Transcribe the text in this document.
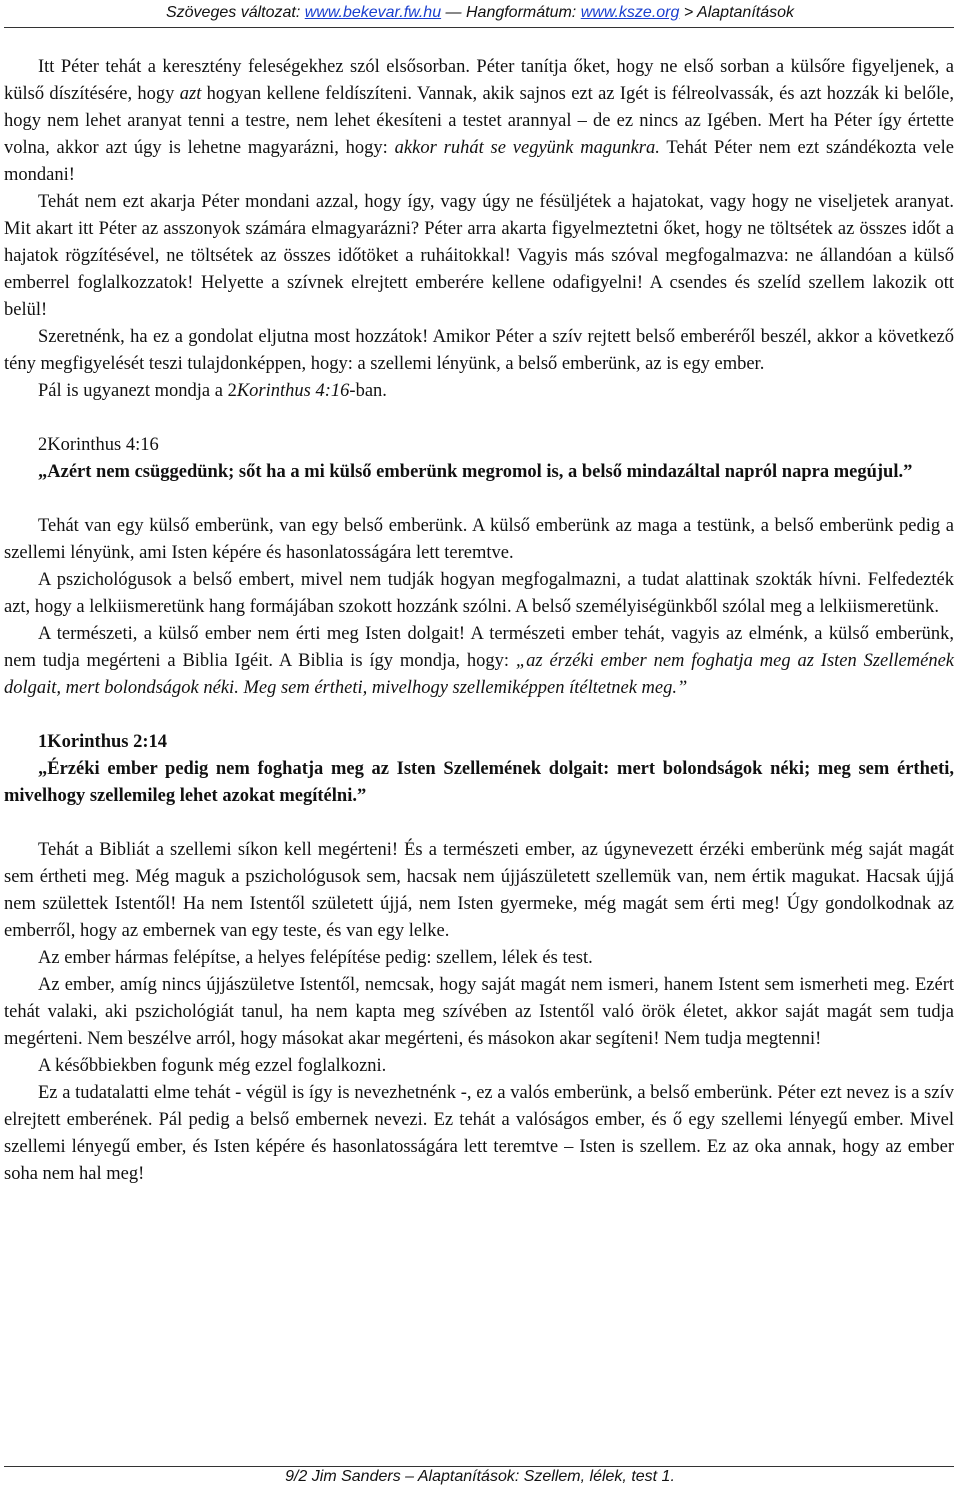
Szöveges változat: www.bekevar.fw.hu — Hangformátum: www.ksze.org > Alaptanítások

Itt Péter tehát a keresztény feleségekhez szól elsősorban. Péter tanítja őket, hogy ne első sorban a külsőre figyeljenek, a külső díszítésére, hogy azt hogyan kellene feldíszíteni. Vannak, akik sajnos ezt az Igét is félreolvassák, és azt hozzák ki belőle, hogy nem lehet aranyat tenni a testre, nem lehet ékesíteni a testet arannyal – de ez nincs az Igében. Mert ha Péter így értette volna, akkor azt úgy is lehetne magyarázni, hogy: akkor ruhát se vegyünk magunkra. Tehát Péter nem ezt szándékozta vele mondani!

Tehát nem ezt akarja Péter mondani azzal, hogy így, vagy úgy ne fésüljétek a hajatokat, vagy hogy ne viseljetek aranyat. Mit akart itt Péter az asszonyok számára elmagyarázni? Péter arra akarta figyelmeztetni őket, hogy ne töltsétek az összes időt a hajatok rögzítésével, ne töltsétek az összes időtöket a ruháitokkal! Vagyis más szóval megfogalmazva: ne állandóan a külső emberrel foglalkozzatok! Helyette a szívnek elrejtett emberére kellene odafigyelni! A csendes és szelíd szellem lakozik ott belül!

Szeretnénk, ha ez a gondolat eljutna most hozzátok! Amikor Péter a szív rejtett belső emberéről beszél, akkor a következő tény megfigyelését teszi tulajdonképpen, hogy: a szellemi lényünk, a belső emberünk, az is egy ember.

Pál is ugyanezt mondja a 2Korinthus 4:16-ban.

2Korinthus 4:16

„Azért nem csüggedünk; sőt ha a mi külső emberünk megromol is, a belső mindazáltal napról napra megújul.”

Tehát van egy külső emberünk, van egy belső emberünk. A külső emberünk az maga a testünk, a belső emberünk pedig a szellemi lényünk, ami Isten képére és hasonlatosságára lett teremtve.

A pszichológusok a belső embert, mivel nem tudják hogyan megfogalmazni, a tudat alattinak szokták hívni. Felfedezték azt, hogy a lelkiismeretünk hang formájában szokott hozzánk szólni. A belső személyiségünkből szólal meg a lelkiismeretünk.

A természeti, a külső ember nem érti meg Isten dolgait! A természeti ember tehát, vagyis az elménk, a külső emberünk, nem tudja megérteni a Biblia Igéit. A Biblia is így mondja, hogy: „az érzéki ember nem foghatja meg az Isten Szellemének dolgait, mert bolondságok néki. Meg sem értheti, mivelhogy szellemiképpen ítéltetnek meg.”

1Korinthus 2:14

„Érzéki ember pedig nem foghatja meg az Isten Szellemének dolgait: mert bolondságok néki; meg sem értheti, mivelhogy szellemileg lehet azokat megítélni.”

Tehát a Bibliát a szellemi síkon kell megérteni! És a természeti ember, az úgynevezett érzéki emberünk még saját magát sem értheti meg. Még maguk a pszichológusok sem, hacsak nem újjászületett szellemük van, nem értik magukat. Hacsak újjá nem születtek Istentől! Ha nem Istentől született újjá, nem Isten gyermeke, még magát sem érti meg! Úgy gondolkodnak az emberről, hogy az embernek van egy teste, és van egy lelke.

Az ember hármas felépítse, a helyes felépítése pedig: szellem, lélek és test.

Az ember, amíg nincs újjászületve Istentől, nemcsak, hogy saját magát nem ismeri, hanem Istent sem ismerheti meg. Ezért tehát valaki, aki pszichológiát tanul, ha nem kapta meg szívében az Istentől való örök életet, akkor saját magát sem tudja megérteni. Nem beszélve arról, hogy másokat akar megérteni, és másokon akar segíteni! Nem tudja megtenni!

A későbbiekben fogunk még ezzel foglalkozni.

Ez a tudatalatti elme tehát - végül is így is nevezhetnénk -, ez a valós emberünk, a belső emberünk. Péter ezt nevez is a szív elrejtett emberének. Pál pedig a belső embernek nevezi. Ez tehát a valóságos ember, és ő egy szellemi lényegű ember. Mivel szellemi lényegű ember, és Isten képére és hasonlatosságára lett teremtve – Isten is szellem. Ez az oka annak, hogy az ember soha nem hal meg!

9/2 Jim Sanders – Alaptanítások: Szellem, lélek, test 1.
